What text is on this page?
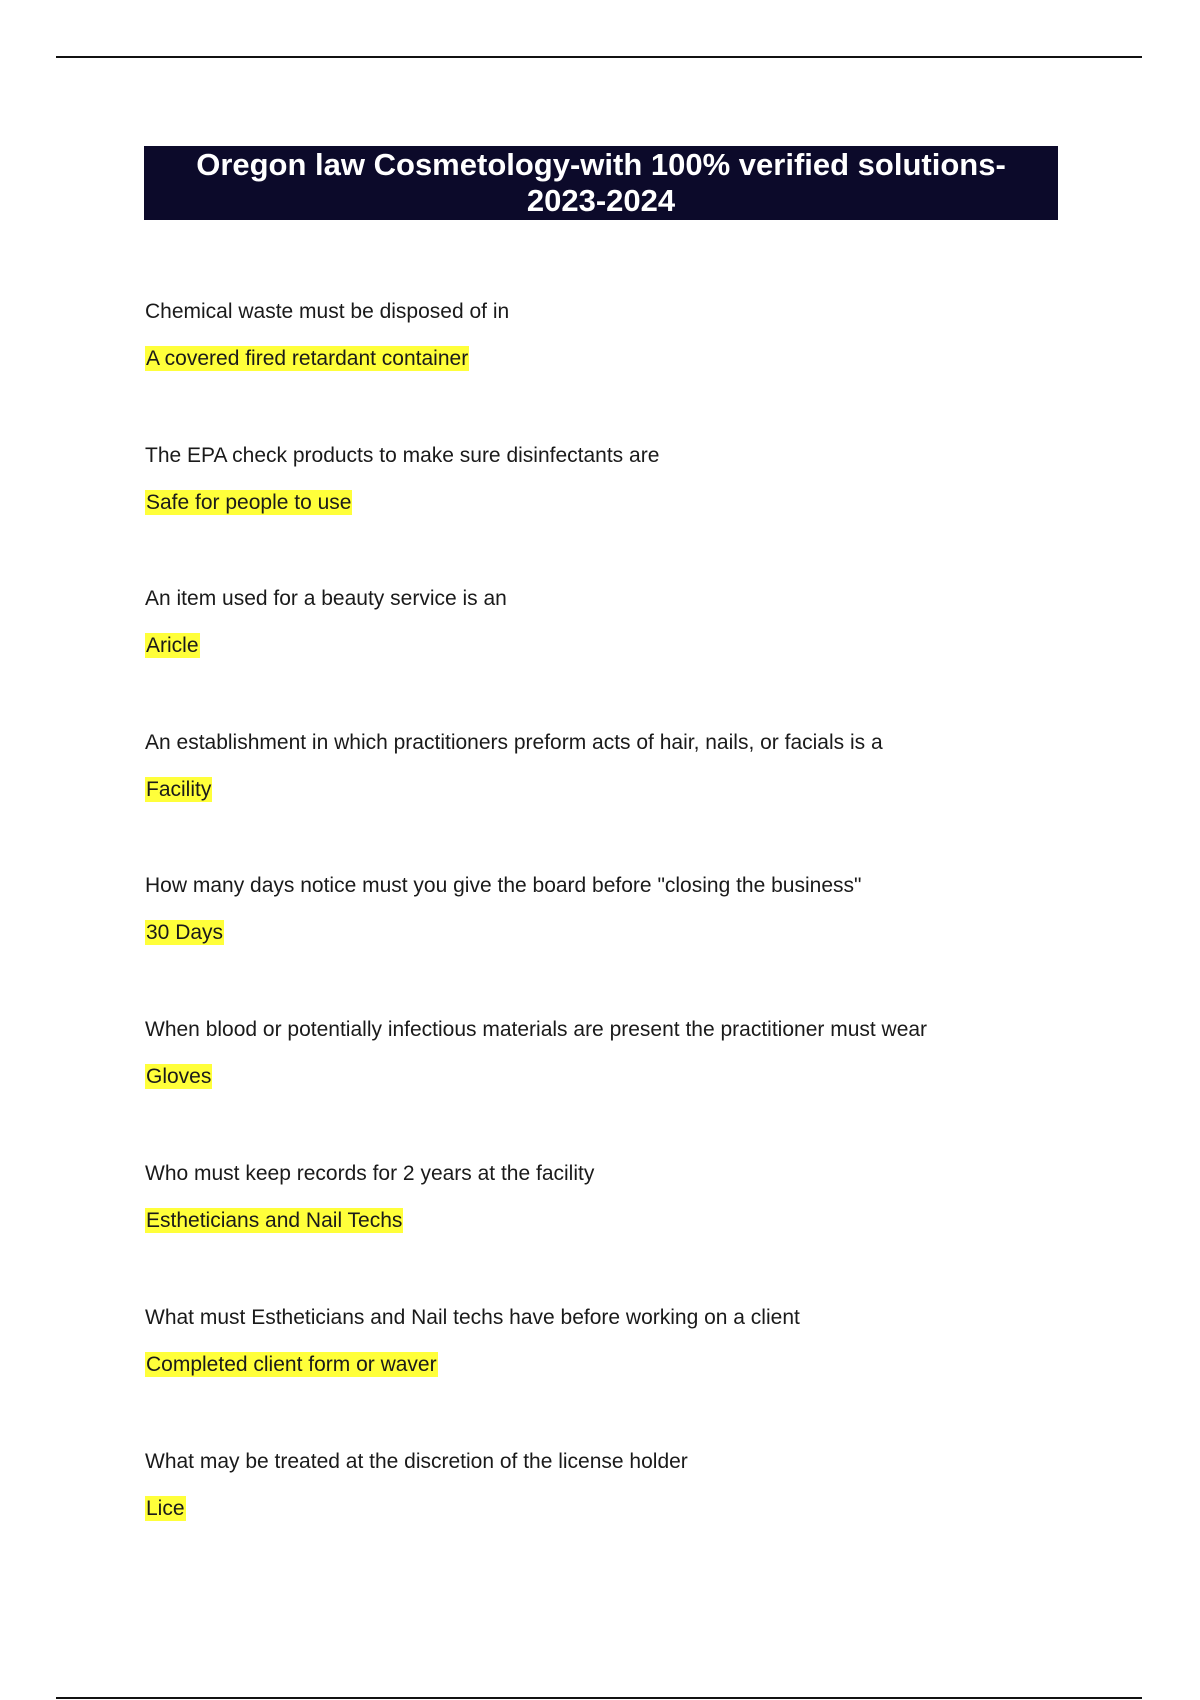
Oregon law Cosmetology-with 100% verified solutions-
2023-2024
Chemical waste must be disposed of in
A covered fired retardant container
The EPA check products to make sure disinfectants are
Safe for people to use
An item used for a beauty service is an
Aricle
An establishment in which practitioners preform acts of hair, nails, or facials is a
Facility
How many days notice must you give the board before "closing the business"
30 Days
When blood or potentially infectious materials are present the practitioner must wear
Gloves
Who must keep records for 2 years at the facility
Estheticians and Nail Techs
What must Estheticians and Nail techs have before working on a client
Completed client form or waver
What may be treated at the discretion of the license holder
Lice
